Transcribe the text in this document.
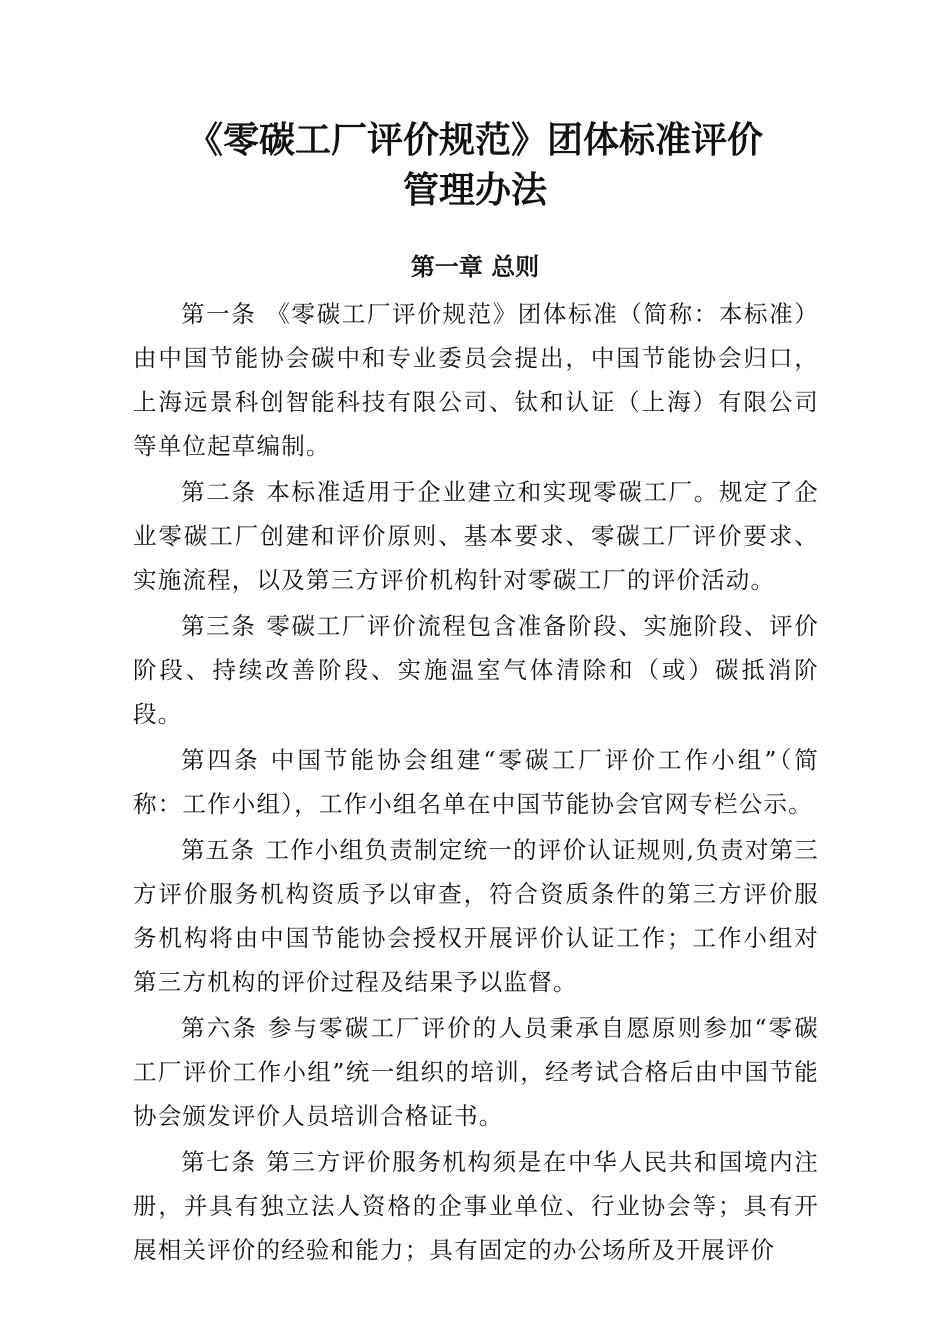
《零碳工厂评价规范》团体标准评价
管理办法
第一章 总则

第一条 《零碳工厂评价规范》团体标准（简称：本标准）由中国节能协会碳中和专业委员会提出，中国节能协会归口，上海远景科创智能科技有限公司、钛和认证（上海）有限公司等单位起草编制。

第二条 本标准适用于企业建立和实现零碳工厂。规定了企业零碳工厂创建和评价原则、基本要求、零碳工厂评价要求、实施流程，以及第三方评价机构针对零碳工厂的评价活动。

第三条 零碳工厂评价流程包含准备阶段、实施阶段、评价阶段、持续改善阶段、实施温室气体清除和（或）碳抵消阶段。

第四条 中国节能协会组建“零碳工厂评价工作小组”（简称：工作小组），工作小组名单在中国节能协会官网专栏公示。

第五条 工作小组负责制定统一的评价认证规则,负责对第三方评价服务机构资质予以审查，符合资质条件的第三方评价服务机构将由中国节能协会授权开展评价认证工作；工作小组对第三方机构的评价过程及结果予以监督。

第六条 参与零碳工厂评价的人员秉承自愿原则参加“零碳工厂评价工作小组”统一组织的培训，经考试合格后由中国节能协会颁发评价人员培训合格证书。

第七条 第三方评价服务机构须是在中华人民共和国境内注册，并具有独立法人资格的企事业单位、行业协会等；具有开展相关评价的经验和能力；具有固定的办公场所及开展评价
